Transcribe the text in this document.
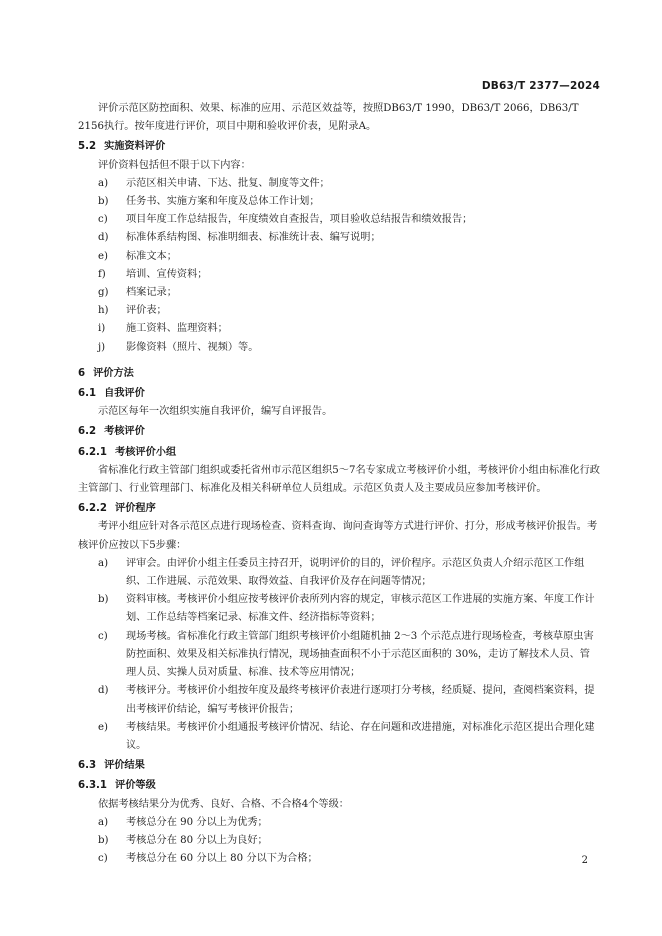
DB63/T 2377—2024

评价示范区防控面积、效果、标准的应用、示范区效益等，按照DB63/T 1990，DB63/T 2066，DB63/T 2156执行。按年度进行评价，项目中期和验收评价表，见附录A。

5.2 实施资料评价

评价资料包括但不限于以下内容：

a) 示范区相关申请、下达、批复、制度等文件；
b) 任务书、实施方案和年度及总体工作计划；
c) 项目年度工作总结报告，年度绩效自查报告，项目验收总结报告和绩效报告；
d) 标准体系结构图、标准明细表、标准统计表、编写说明；
e) 标准文本；
f) 培训、宣传资料；
g) 档案记录；
h) 评价表；
i) 施工资料、监理资料；
j) 影像资料（照片、视频）等。
6 评价方法
6.1 自我评价

示范区每年一次组织实施自我评价，编写自评报告。

6.2 考核评价
6.2.1 考核评价小组

省标准化行政主管部门组织或委托省州市示范区组织5～7名专家成立考核评价小组，考核评价小组由标准化行政主管部门、行业管理部门、标准化及相关科研单位人员组成。示范区负责人及主要成员应参加考核评价。

6.2.2 评价程序

考评小组应针对各示范区点进行现场检查、资料查询、询问查询等方式进行评价、打分，形成考核评价报告。考核评价应按以下5步骤：

a) 评审会。由评价小组主任委员主持召开，说明评价的目的，评价程序。示范区负责人介绍示范区工作组织、工作进展、示范效果、取得效益、自我评价及存在问题等情况；
b) 资料审核。考核评价小组应按考核评价表所列内容的规定，审核示范区工作进展的实施方案、年度工作计划、工作总结等档案记录、标准文件、经济指标等资料；
c) 现场考核。省标准化行政主管部门组织考核评价小组随机抽 2～3 个示范点进行现场检查，考核草原虫害防控面积、效果及相关标准执行情况，现场抽查面积不小于示范区面积的 30%，走访了解技术人员、管理人员、实操人员对质量、标准、技术等应用情况；
d) 考核评分。考核评价小组按年度及最终考核评价表进行逐项打分考核，经质疑、提问，查阅档案资料，提出考核评价结论，编写考核评价报告；
e) 考核结果。考核评价小组通报考核评价情况、结论、存在问题和改进措施，对标准化示范区提出合理化建议。
6.3 评价结果
6.3.1 评价等级

依据考核结果分为优秀、良好、合格、不合格4个等级：

a) 考核总分在 90 分以上为优秀；
b) 考核总分在 80 分以上为良好；
c) 考核总分在 60 分以上 80 分以下为合格；	2
